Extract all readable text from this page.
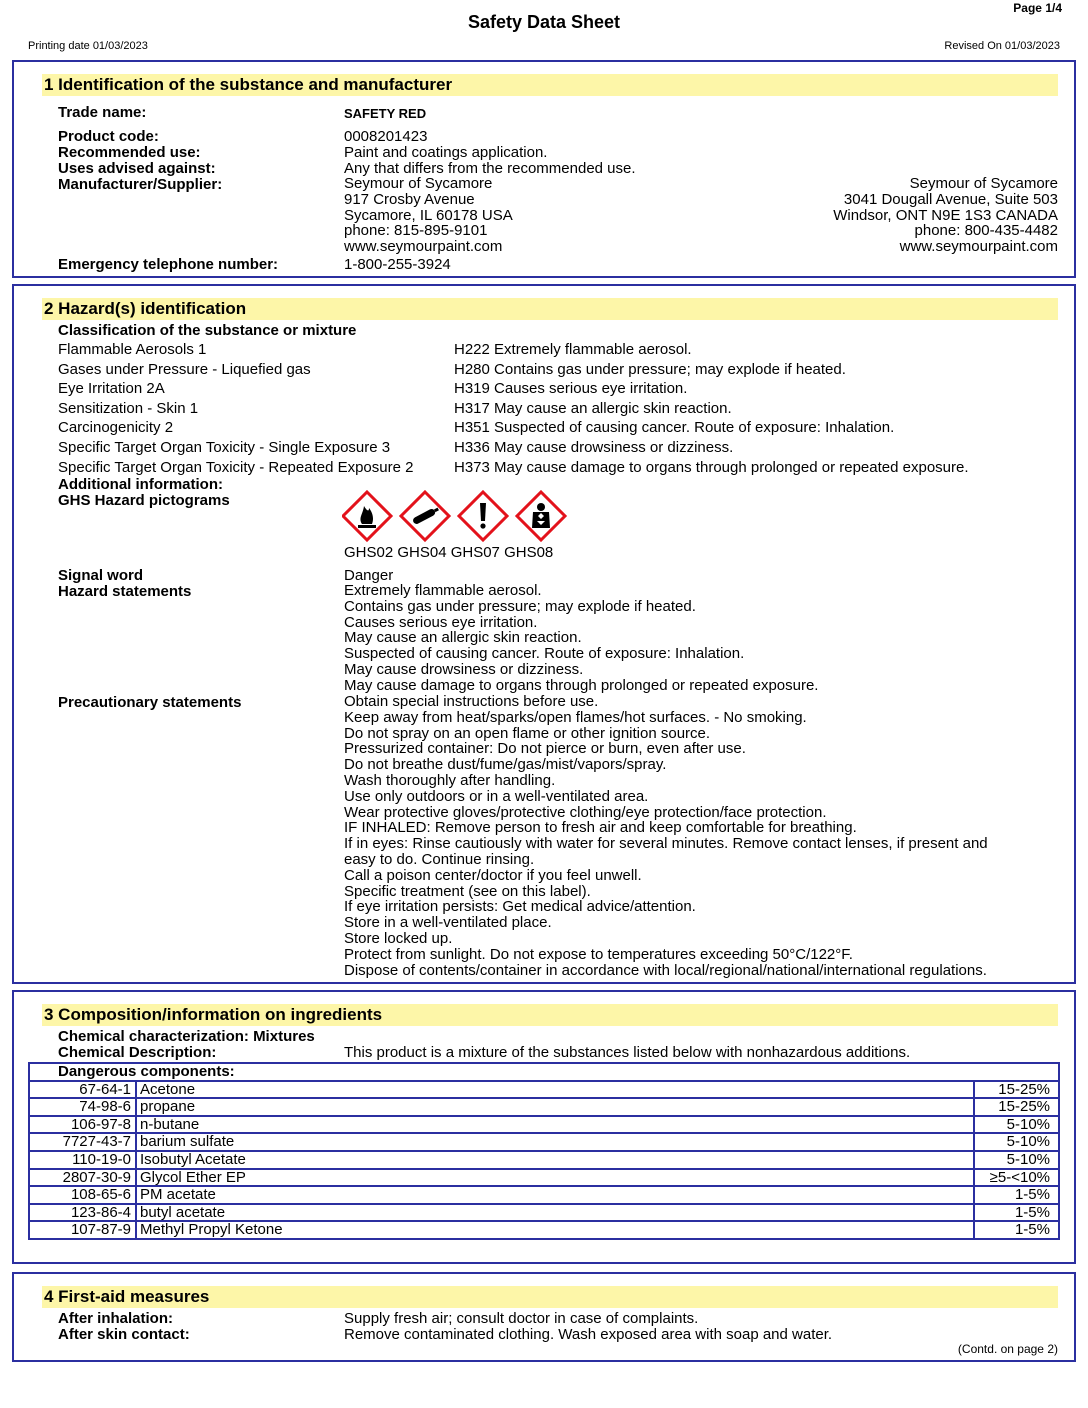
Page 1/4
Safety Data Sheet
Printing date 01/03/2023	Revised On 01/03/2023
1 Identification of the substance and manufacturer
Trade name:	SAFETY RED
Product code:	0008201423
Recommended use:	Paint and coatings application.
Uses advised against:	Any that differs from the recommended use.
Manufacturer/Supplier:	Seymour of Sycamore
917 Crosby Avenue
Sycamore, IL 60178 USA
phone: 815-895-9101
www.seymourpaint.com
Seymour of Sycamore
3041 Dougall Avenue, Suite 503
Windsor, ONT N9E 1S3 CANADA
phone: 800-435-4482
www.seymourpaint.com
Emergency telephone number:	1-800-255-3924
2 Hazard(s) identification
Classification of the substance or mixture
Flammable Aerosols 1	H222 Extremely flammable aerosol.
Gases under Pressure - Liquefied gas	H280 Contains gas under pressure; may explode if heated.
Eye Irritation 2A	H319 Causes serious eye irritation.
Sensitization - Skin 1	H317 May cause an allergic skin reaction.
Carcinogenicity 2	H351 Suspected of causing cancer. Route of exposure: Inhalation.
Specific Target Organ Toxicity - Single Exposure 3	H336 May cause drowsiness or dizziness.
Specific Target Organ Toxicity - Repeated Exposure 2	H373 May cause damage to organs through prolonged or repeated exposure.
Additional information:
GHS Hazard pictograms
GHS02 GHS04 GHS07 GHS08
Signal word	Danger
Hazard statements	Extremely flammable aerosol.
Contains gas under pressure; may explode if heated.
Causes serious eye irritation.
May cause an allergic skin reaction.
Suspected of causing cancer. Route of exposure: Inhalation.
May cause drowsiness or dizziness.
May cause damage to organs through prolonged or repeated exposure.
Precautionary statements	Obtain special instructions before use.
Keep away from heat/sparks/open flames/hot surfaces. - No smoking.
Do not spray on an open flame or other ignition source.
Pressurized container: Do not pierce or burn, even after use.
Do not breathe dust/fume/gas/mist/vapors/spray.
Wash thoroughly after handling.
Use only outdoors or in a well-ventilated area.
Wear protective gloves/protective clothing/eye protection/face protection.
IF INHALED: Remove person to fresh air and keep comfortable for breathing.
If in eyes: Rinse cautiously with water for several minutes. Remove contact lenses, if present and
easy to do. Continue rinsing.
Call a poison center/doctor if you feel unwell.
Specific treatment (see on this label).
If eye irritation persists: Get medical advice/attention.
Store in a well-ventilated place.
Store locked up.
Protect from sunlight. Do not expose to temperatures exceeding 50°C/122°F.
Dispose of contents/container in accordance with local/regional/national/international regulations.
3 Composition/information on ingredients
Chemical characterization: Mixtures
Chemical Description:	This product is a mixture of the substances listed below with nonhazardous additions.
Dangerous components:		
67-64-1	Acetone	15-25%
74-98-6	propane	15-25%
106-97-8	n-butane	5-10%
7727-43-7	barium sulfate	5-10%
110-19-0	Isobutyl Acetate	5-10%
2807-30-9	Glycol Ether EP	≥5-<10%
108-65-6	PM acetate	1-5%
123-86-4	butyl acetate	1-5%
107-87-9	Methyl Propyl Ketone	1-5%
4 First-aid measures
After inhalation:	Supply fresh air; consult doctor in case of complaints.
After skin contact:	Remove contaminated clothing. Wash exposed area with soap and water.
(Contd. on page 2)
